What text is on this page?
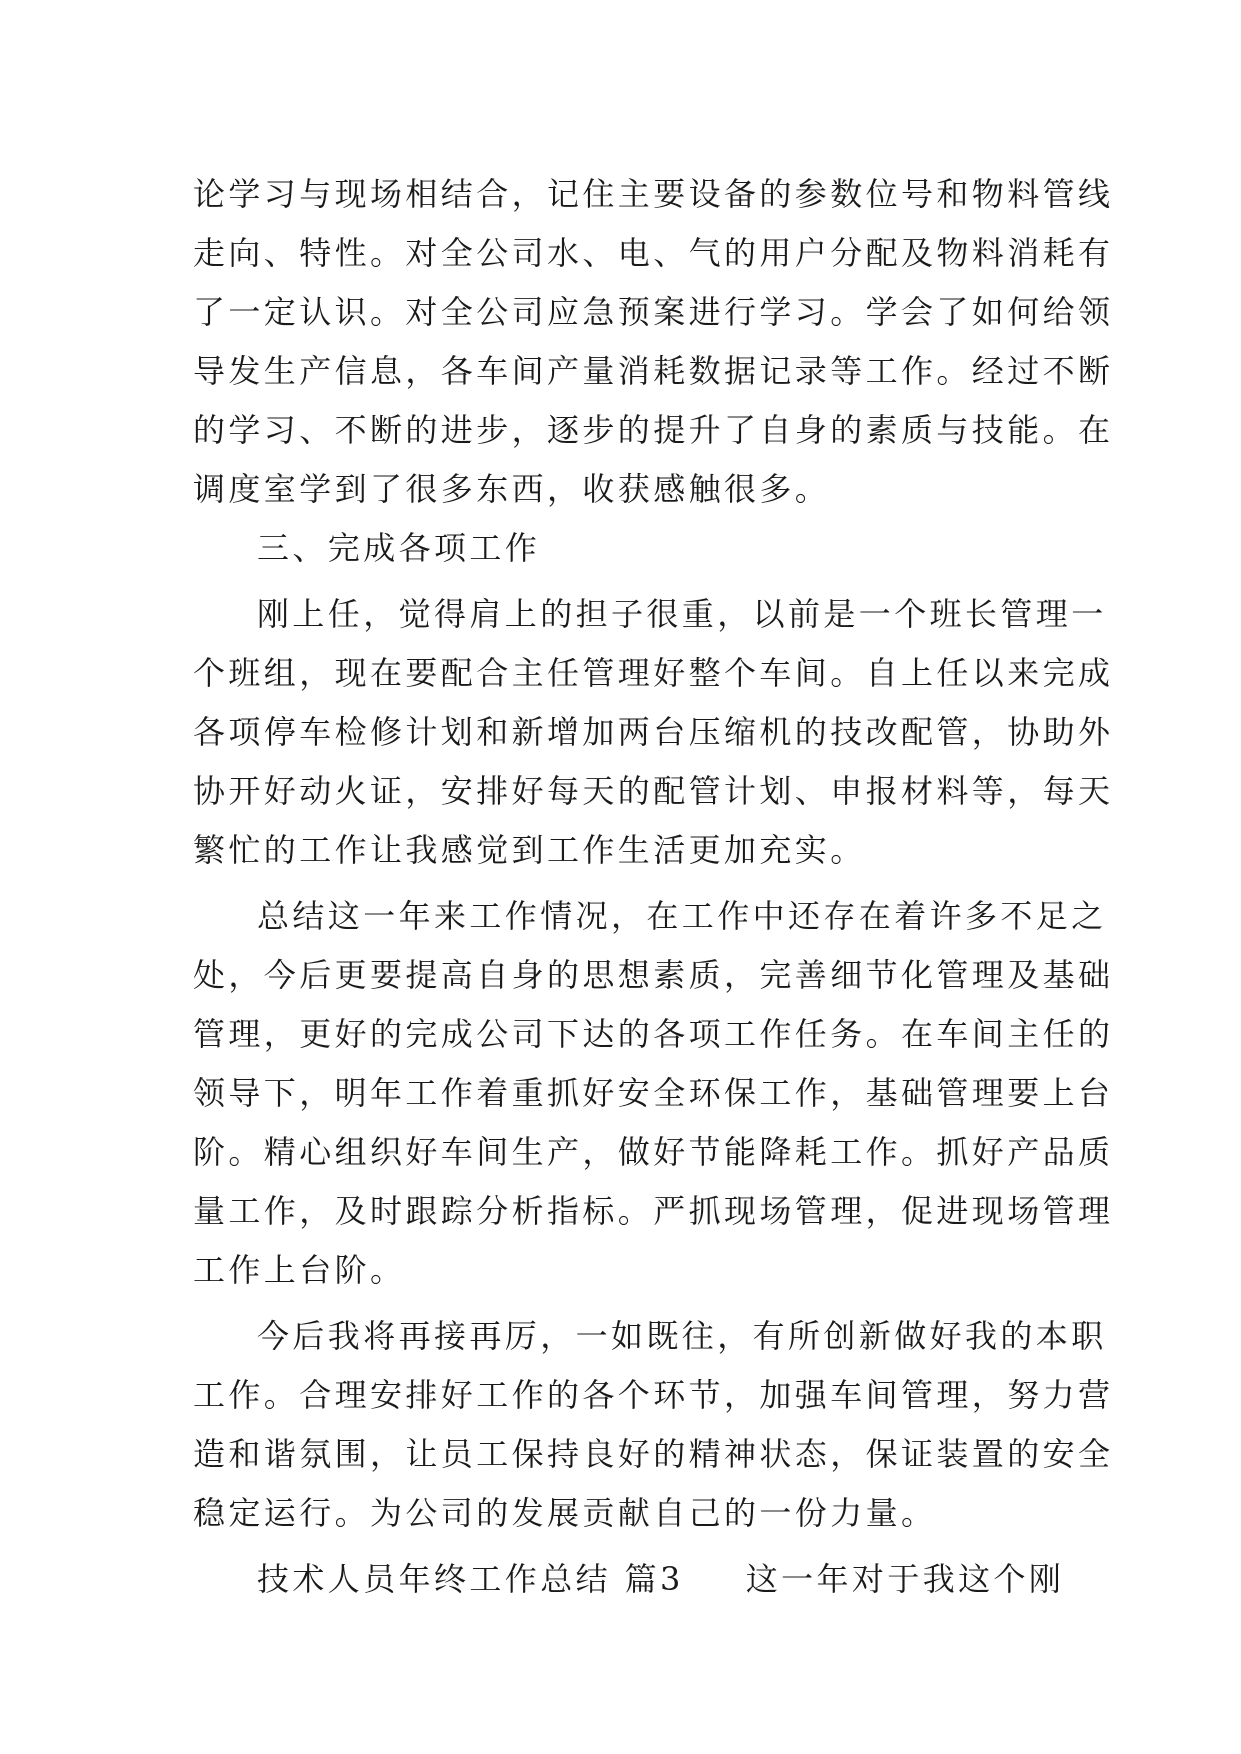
论学习与现场相结合，记住主要设备的参数位号和物料管线
走向、特性。对全公司水、电、气的用户分配及物料消耗有
了一定认识。对全公司应急预案进行学习。学会了如何给领
导发生产信息，各车间产量消耗数据记录等工作。经过不断
的学习、不断的进步，逐步的提升了自身的素质与技能。在
调度室学到了很多东西，收获感触很多。
三、完成各项工作
刚上任，觉得肩上的担子很重，以前是一个班长管理一
个班组，现在要配合主任管理好整个车间。自上任以来完成
各项停车检修计划和新增加两台压缩机的技改配管，协助外
协开好动火证，安排好每天的配管计划、申报材料等，每天
繁忙的工作让我感觉到工作生活更加充实。
总结这一年来工作情况，在工作中还存在着许多不足之
处，今后更要提高自身的思想素质，完善细节化管理及基础
管理，更好的完成公司下达的各项工作任务。在车间主任的
领导下，明年工作着重抓好安全环保工作，基础管理要上台
阶。精心组织好车间生产，做好节能降耗工作。抓好产品质
量工作，及时跟踪分析指标。严抓现场管理，促进现场管理
工作上台阶。
今后我将再接再厉，一如既往，有所创新做好我的本职
工作。合理安排好工作的各个环节，加强车间管理，努力营
造和谐氛围，让员工保持良好的精神状态，保证装置的安全
稳定运行。为公司的发展贡献自己的一份力量。
技术人员年终工作总结 篇3 这一年对于我这个刚
